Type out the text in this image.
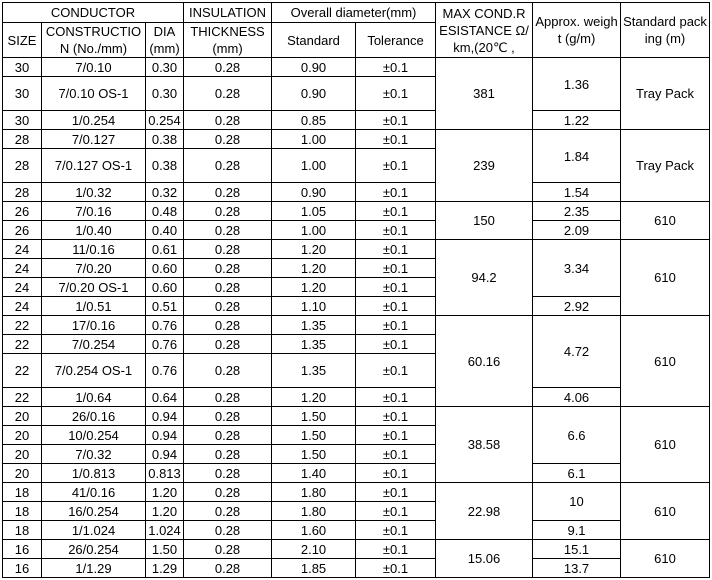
CONDUCTOR			INSULATION	Overall diameter(mm)		MAX COND.R ESISTANCE Ω/km,(20℃ ,	Approx. weight (g/m)	Standard packing (m)
SIZE	CONSTRUCTIO N (No./mm)	DIA (mm)	THICKNESS (mm)	Standard	Tolerance			
30	7/0.10	0.30	0.28	0.90	±0.1	381	1.36	Tray Pack
30	7/0.10 OS-1	0.30	0.28	0.90	±0.1			
30	1/0.254	0.254	0.28	0.85	±0.1		1.22	
28	7/0.127	0.38	0.28	1.00	±0.1	239	1.84	Tray Pack
28	7/0.127 OS-1	0.38	0.28	1.00	±0.1			
28	1/0.32	0.32	0.28	0.90	±0.1		1.54	
26	7/0.16	0.48	0.28	1.05	±0.1	150	2.35	610
26	1/0.40	0.40	0.28	1.00	±0.1		2.09	
24	11/0.16	0.61	0.28	1.20	±0.1	94.2	3.34	610
24	7/0.20	0.60	0.28	1.20	±0.1			
24	7/0.20 OS-1	0.60	0.28	1.20	±0.1			
24	1/0.51	0.51	0.28	1.10	±0.1		2.92	
22	17/0.16	0.76	0.28	1.35	±0.1	60.16	4.72	610
22	7/0.254	0.76	0.28	1.35	±0.1			
22	7/0.254 OS-1	0.76	0.28	1.35	±0.1			
22	1/0.64	0.64	0.28	1.20	±0.1		4.06	
20	26/0.16	0.94	0.28	1.50	±0.1	38.58	6.6	610
20	10/0.254	0.94	0.28	1.50	±0.1			
20	7/0.32	0.94	0.28	1.50	±0.1			
20	1/0.813	0.813	0.28	1.40	±0.1		6.1	
18	41/0.16	1.20	0.28	1.80	±0.1	22.98	10	610
18	16/0.254	1.20	0.28	1.80	±0.1			
18	1/1.024	1.024	0.28	1.60	±0.1		9.1	
16	26/0.254	1.50	0.28	2.10	±0.1	15.06	15.1	610
16	1/1.29	1.29	0.28	1.85	±0.1		13.7	
